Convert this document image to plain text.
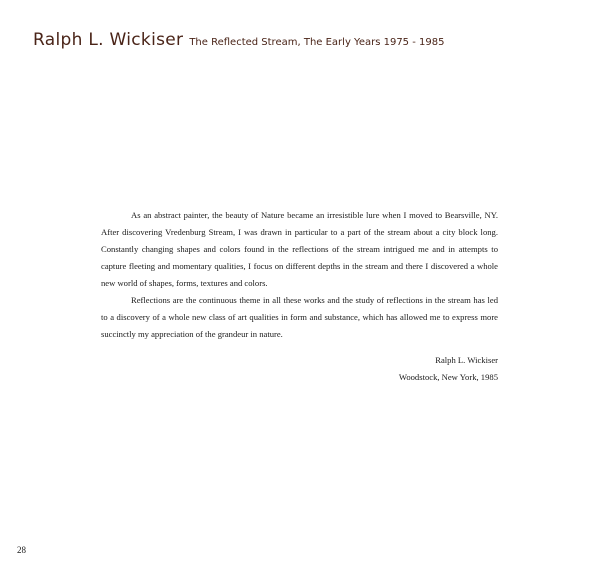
Ralph L. Wickiser The Reflected Stream, The Early Years 1975 - 1985

As an abstract painter, the beauty of Nature became an irresistible lure when I moved to Bearsville, NY. After discovering Vredenburg Stream, I was drawn in particular to a part of the stream about a city block long. Constantly changing shapes and colors found in the reflections of the stream intrigued me and in attempts to capture fleeting and momentary qualities, I focus on different depths in the stream and there I discovered a whole new world of shapes, forms, textures and colors.

Reflections are the continuous theme in all these works and the study of reflections in the stream has led to a discovery of a whole new class of art qualities in form and substance, which has allowed me to express more succinctly my appreciation of the grandeur in nature.

Ralph L. Wickiser
Woodstock, New York, 1985
28
